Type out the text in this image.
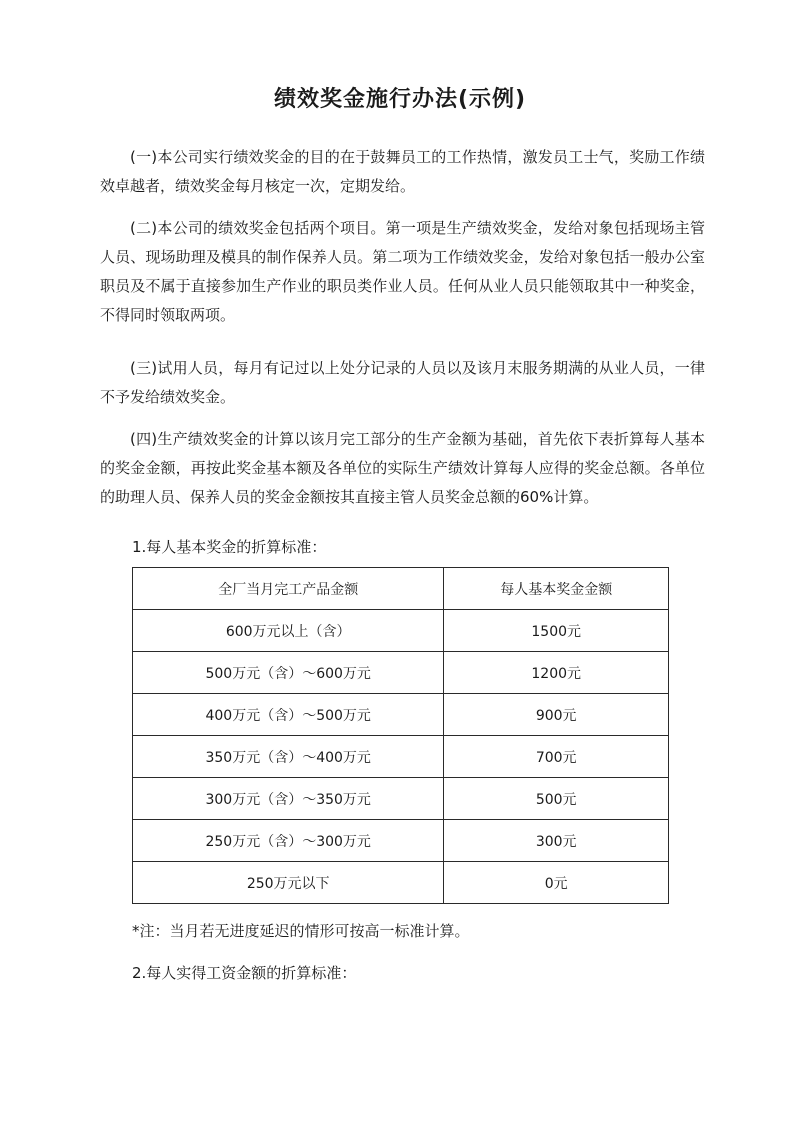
绩效奖金施行办法(示例)

(一)本公司实行绩效奖金的目的在于鼓舞员工的工作热情，激发员工士气，奖励工作绩效卓越者，绩效奖金每月核定一次，定期发给。

(二)本公司的绩效奖金包括两个项目。第一项是生产绩效奖金，发给对象包括现场主管人员、现场助理及模具的制作保养人员。第二项为工作绩效奖金，发给对象包括一般办公室职员及不属于直接参加生产作业的职员类作业人员。任何从业人员只能领取其中一种奖金，不得同时领取两项。

(三)试用人员，每月有记过以上处分记录的人员以及该月末服务期满的从业人员，一律不予发给绩效奖金。

(四)生产绩效奖金的计算以该月完工部分的生产金额为基础，首先依下表折算每人基本的奖金金额，再按此奖金基本额及各单位的实际生产绩效计算每人应得的奖金总额。各单位的助理人员、保养人员的奖金金额按其直接主管人员奖金总额的60%计算。

1.每人基本奖金的折算标准：

全厂当月完工产品金额	每人基本奖金金额
600万元以上（含）	1500元
500万元（含）～600万元	1200元
400万元（含）～500万元	900元
350万元（含）～400万元	700元
300万元（含）～350万元	500元
250万元（含）～300万元	300元
250万元以下	0元

*注：当月若无进度延迟的情形可按高一标准计算。

2.每人实得工资金额的折算标准：
